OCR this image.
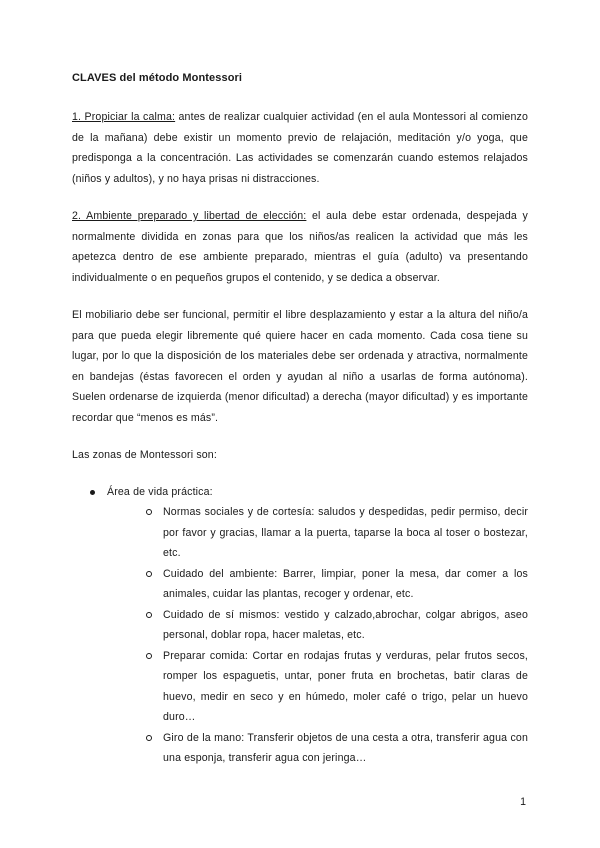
CLAVES del método Montessori

1. Propiciar la calma: antes de realizar cualquier actividad (en el aula Montessori al comienzo de la mañana) debe existir un momento previo de relajación, meditación y/o yoga, que predisponga a la concentración. Las actividades se comenzarán cuando estemos relajados (niños y adultos), y no haya prisas ni distracciones.

2. Ambiente preparado y libertad de elección: el aula debe estar ordenada, despejada y normalmente dividida en zonas para que los niños/as realicen la actividad que más les apetezca dentro de ese ambiente preparado, mientras el guía (adulto) va presentando individualmente o en pequeños grupos el contenido, y se dedica a observar.

El mobiliario debe ser funcional, permitir el libre desplazamiento y estar a la altura del niño/a para que pueda elegir libremente qué quiere hacer en cada momento. Cada cosa tiene su lugar, por lo que la disposición de los materiales debe ser ordenada y atractiva, normalmente en bandejas (éstas favorecen el orden y ayudan al niño a usarlas de forma autónoma). Suelen ordenarse de izquierda (menor dificultad) a derecha (mayor dificultad) y es importante recordar que “menos es más”.

Las zonas de Montessori son:

Área de vida práctica:
Normas sociales y de cortesía: saludos y despedidas, pedir permiso, decir por favor y gracias, llamar a la puerta, taparse la boca al toser o bostezar, etc.
Cuidado del ambiente: Barrer, limpiar, poner la mesa, dar comer a los animales, cuidar las plantas, recoger y ordenar, etc.
Cuidado de sí mismos: vestido y calzado,abrochar, colgar abrigos, aseo personal, doblar ropa, hacer maletas, etc.
Preparar comida: Cortar en rodajas frutas y verduras, pelar frutos secos, romper los espaguetis, untar, poner fruta en brochetas, batir claras de huevo, medir en seco y en húmedo, moler café o trigo, pelar un huevo duro…
Giro de la mano: Transferir objetos de una cesta a otra, transferir agua con una esponja, transferir agua con jeringa…
1
